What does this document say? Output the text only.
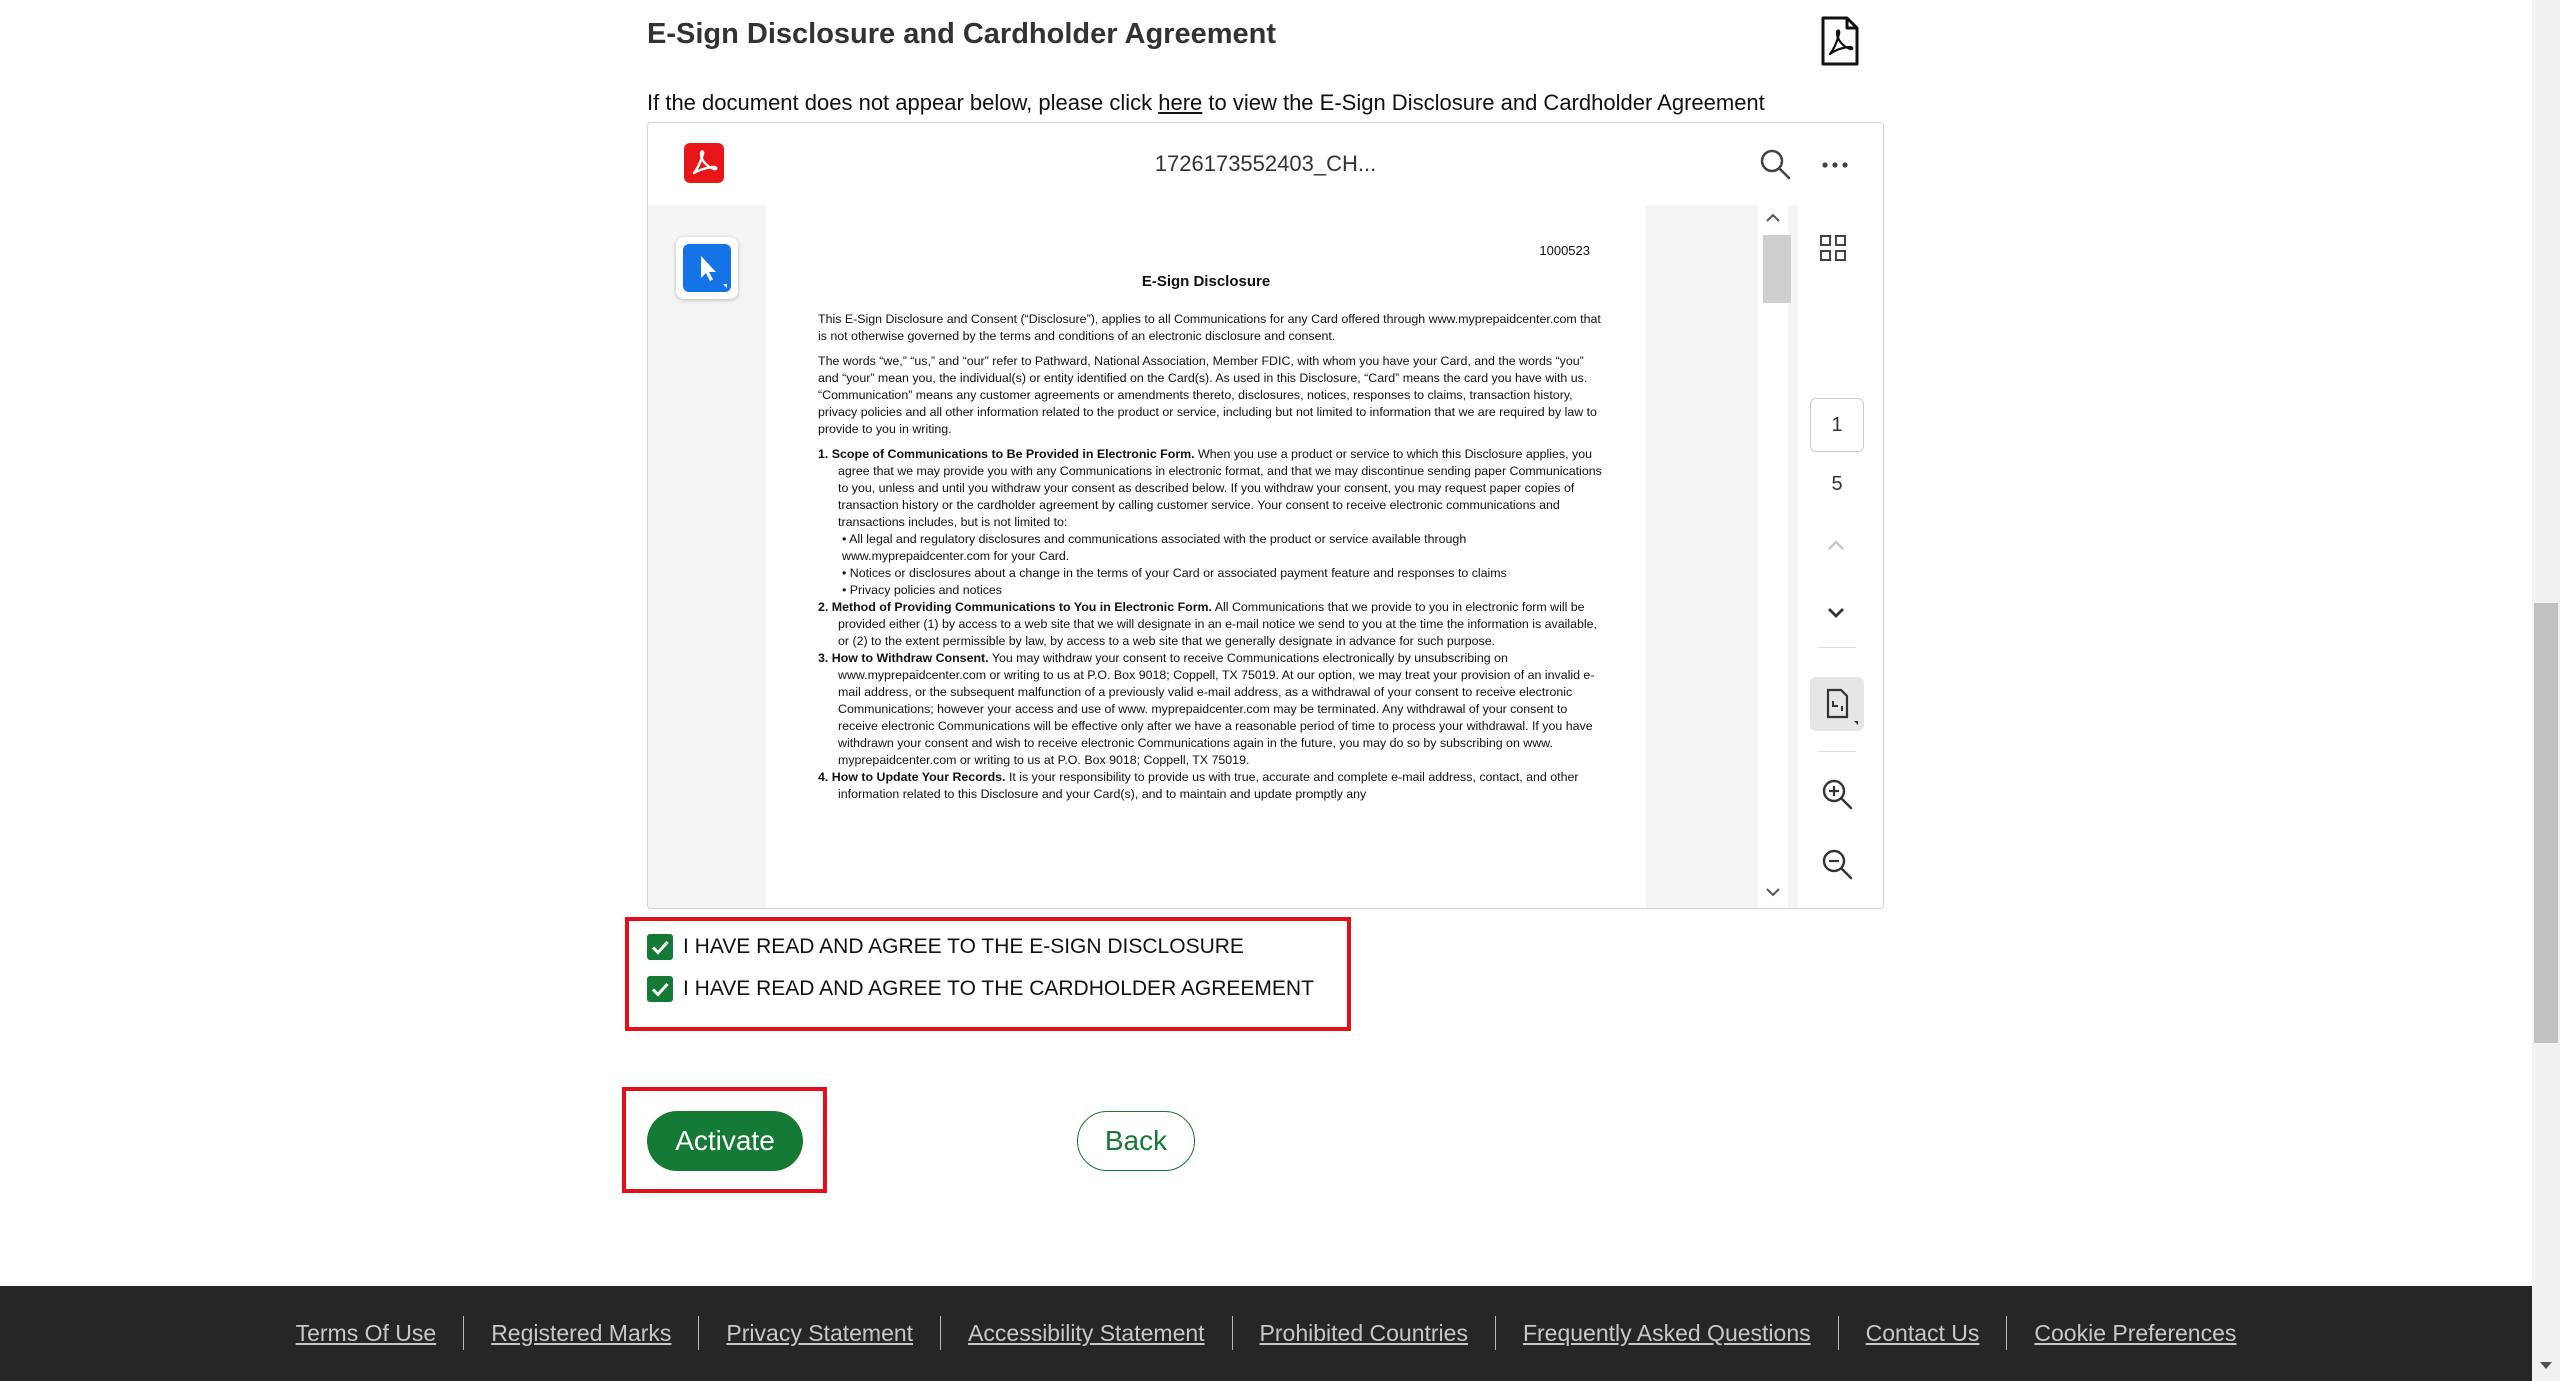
E-Sign Disclosure and Cardholder Agreement
If the document does not appear below, please click here to view the E-Sign Disclosure and Cardholder Agreement
1726173552403_CH...
1000523
E-Sign Disclosure

This E-Sign Disclosure and Consent (“Disclosure”), applies to all Communications for any Card offered through www.myprepaidcenter.com that is not otherwise governed by the terms and conditions of an electronic disclosure and consent.

The words “we,” “us,” and “our” refer to Pathward, National Association, Member FDIC, with whom you have your Card, and the words “you” and “your” mean you, the individual(s) or entity identified on the Card(s). As used in this Disclosure, “Card” means the card you have with us. “Communication” means any customer agreements or amendments thereto, disclosures, notices, responses to claims, transaction history, privacy policies and all other information related to the product or service, including but not limited to information that we are required by law to provide to you in writing.

1. Scope of Communications to Be Provided in Electronic Form. When you use a product or service to which this Disclosure applies, you agree that we may provide you with any Communications in electronic format, and that we may discontinue sending paper Communications to you, unless and until you withdraw your consent as described below. If you withdraw your consent, you may request paper copies of transaction history or the cardholder agreement by calling customer service. Your consent to receive electronic communications and transactions includes, but is not limited to:
• All legal and regulatory disclosures and communications associated with the product or service available through www.myprepaidcenter.com for your Card.
• Notices or disclosures about a change in the terms of your Card or associated payment feature and responses to claims
• Privacy policies and notices
2. Method of Providing Communications to You in Electronic Form. All Communications that we provide to you in electronic form will be provided either (1) by access to a web site that we will designate in an e-mail notice we send to you at the time the information is available, or (2) to the extent permissible by law, by access to a web site that we generally designate in advance for such purpose.
3. How to Withdraw Consent. You may withdraw your consent to receive Communications electronically by unsubscribing on www.myprepaidcenter.com or writing to us at P.O. Box 9018; Coppell, TX 75019. At our option, we may treat your provision of an invalid e-mail address, or the subsequent malfunction of a previously valid e-mail address, as a withdrawal of your consent to receive electronic Communications; however your access and use of www. myprepaidcenter.com may be terminated. Any withdrawal of your consent to receive electronic Communications will be effective only after we have a reasonable period of time to process your withdrawal. If you have withdrawn your consent and wish to receive electronic Communications again in the future, you may do so by subscribing on www. myprepaidcenter.com or writing to us at P.O. Box 9018; Coppell, TX 75019.
4. How to Update Your Records. It is your responsibility to provide us with true, accurate and complete e-mail address, contact, and other information related to this Disclosure and your Card(s), and to maintain and update promptly any
1
5
I HAVE READ AND AGREE TO THE E-SIGN DISCLOSURE
I HAVE READ AND AGREE TO THE CARDHOLDER AGREEMENT
Activate	Back
Terms Of Use	Registered Marks	Privacy Statement	Accessibility Statement	Prohibited Countries	Frequently Asked Questions	Contact Us	Cookie Preferences
